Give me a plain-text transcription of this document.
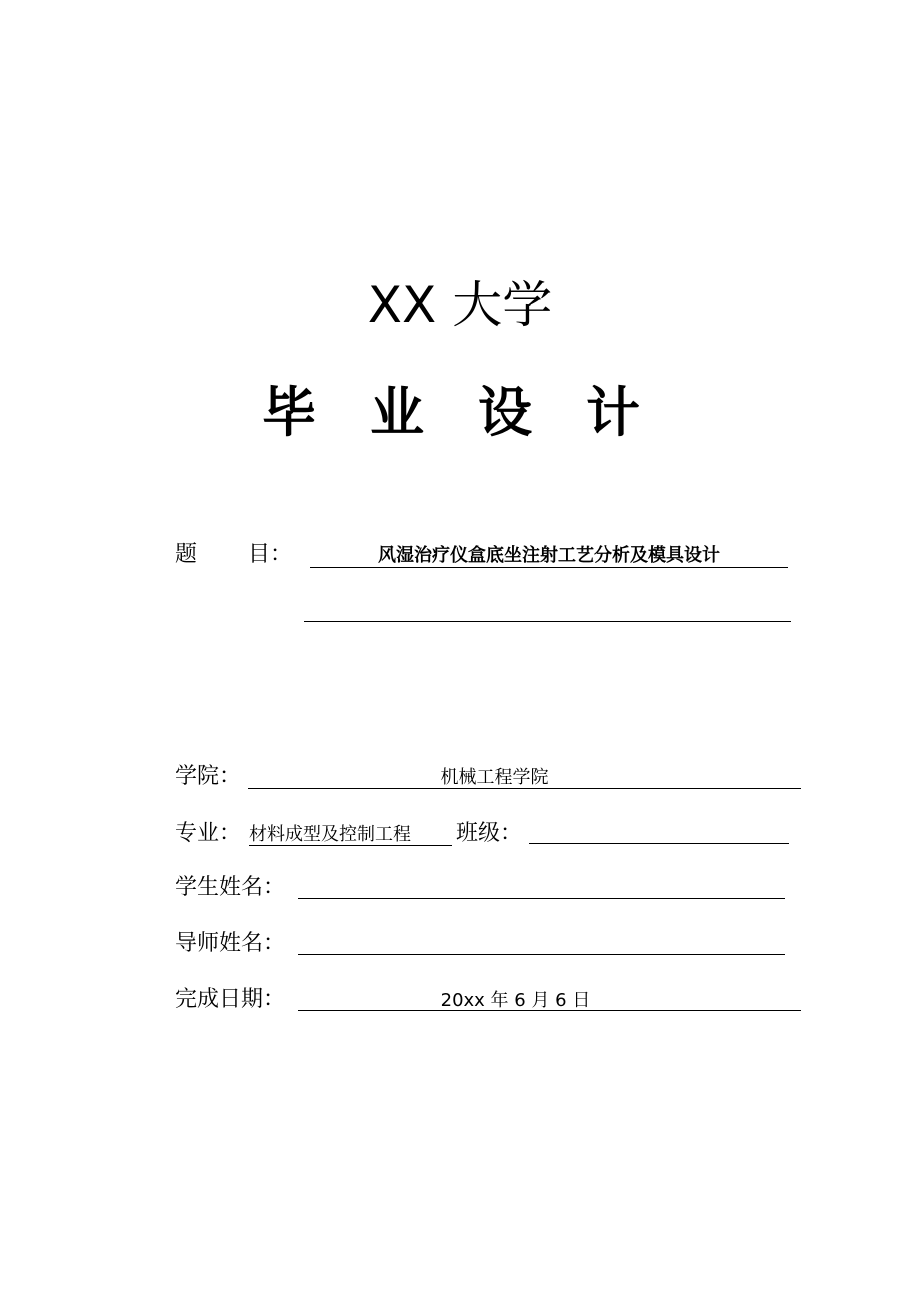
XX 大学
毕业设计
题 目：	风湿治疗仪盒底坐注射工艺分析及模具设计
学院：	机械工程学院
专业： 材料成型及控制工程 班级：
学生姓名：
导师姓名：
完成日期：	20xx 年 6 月 6 日
